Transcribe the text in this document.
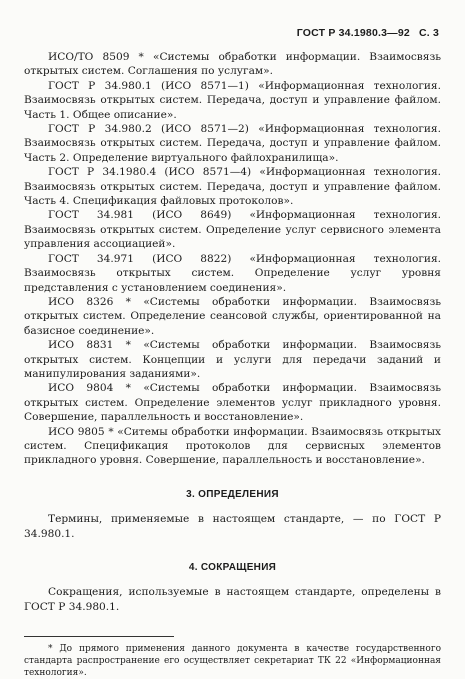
ГОСТ Р 34.1980.3—92 С. 3

ИСО/ТО 8509 * «Системы обработки информации. Взаимосвязь открытых систем. Соглашения по услугам».

ГОСТ Р 34.980.1 (ИСО 8571—1) «Информационная технология. Взаимосвязь открытых систем. Передача, доступ и управление файлом. Часть 1. Общее описание».

ГОСТ Р 34.980.2 (ИСО 8571—2) «Информационная технология. Взаимосвязь открытых систем. Передача, доступ и управление файлом. Часть 2. Определение виртуального файлохранилища».

ГОСТ Р 34.1980.4 (ИСО 8571—4) «Информационная технология. Взаимосвязь открытых систем. Передача, доступ и управление файлом. Часть 4. Спецификация файловых протоколов».

ГОСТ 34.981 (ИСО 8649) «Информационная технология. Взаимосвязь открытых систем. Определение услуг сервисного элемента управления ассоциацией».

ГОСТ 34.971 (ИСО 8822) «Информационная технология. Взаимосвязь открытых систем. Определение услуг уровня представления с установлением соединения».

ИСО 8326 * «Системы обработки информации. Взаимосвязь открытых систем. Определение сеансовой службы, ориентированной на базисное соединение».

ИСО 8831 * «Системы обработки информации. Взаимосвязь открытых систем. Концепции и услуги для передачи заданий и манипулирования заданиями».

ИСО 9804 * «Системы обработки информации. Взаимосвязь открытых систем. Определение элементов услуг прикладного уровня. Совершение, параллельность и восстановление».

ИСО 9805 * «Ситемы обработки информации. Взаимосвязь открытых систем. Спецификация протоколов для сервисных элементов прикладного уровня. Совершение, параллельность и восстановление».

3. ОПРЕДЕЛЕНИЯ

Термины, применяемые в настоящем стандарте, — по ГОСТ Р 34.980.1.

4. СОКРАЩЕНИЯ

Сокращения, используемые в настоящем стандарте, определены в ГОСТ Р 34.980.1.

* До прямого применения данного документа в качестве государственного стандарта распространение его осуществляет секретариат ТК 22 «Информационная технология».
